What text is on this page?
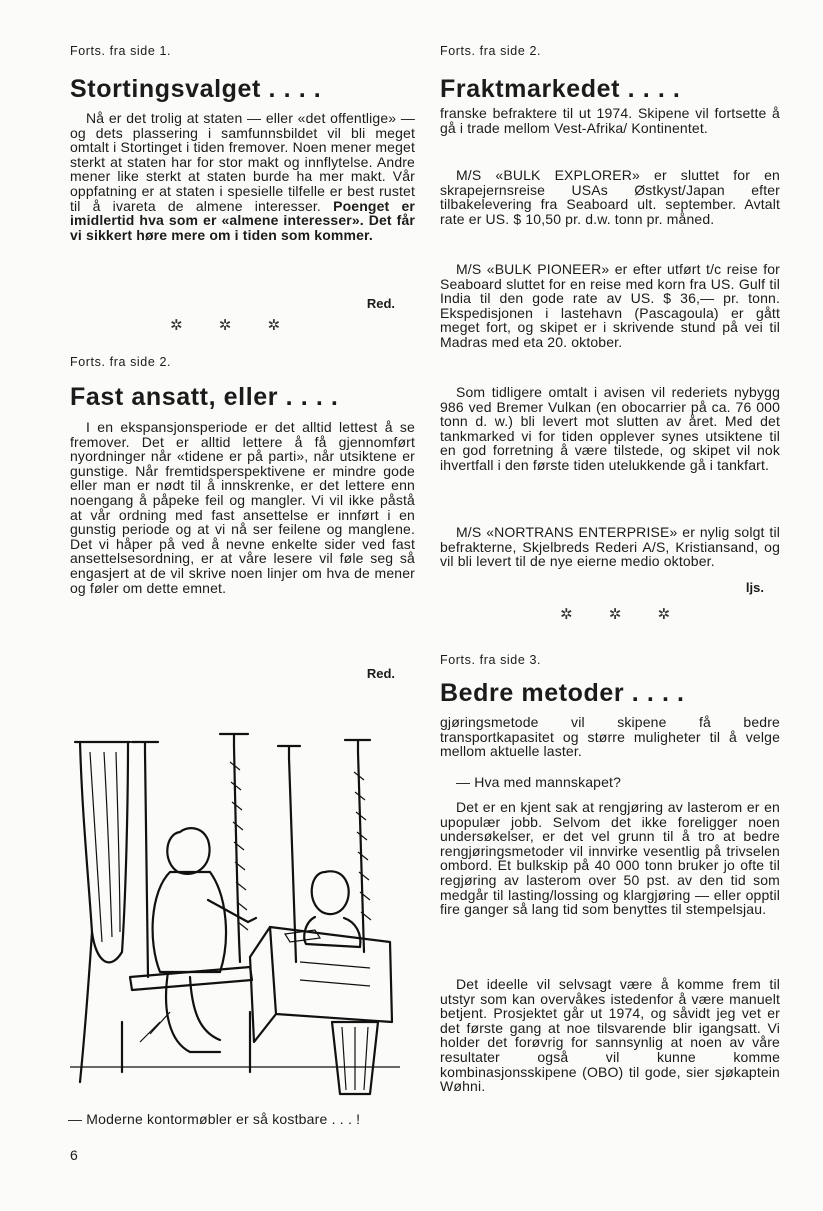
Forts. fra side 1.
Stortingsvalget . . . .

Nå er det trolig at staten — eller «det offentlige» — og dets plassering i samfunnsbildet vil bli meget omtalt i Stortinget i tiden fremover. Noen mener meget sterkt at staten har for stor makt og innflytelse. Andre mener like sterkt at staten burde ha mer makt. Vår oppfatning er at staten i spesielle tilfelle er best rustet til å ivareta de almene interesser. Poenget er imidlertid hva som er «almene interesser». Det får vi sikkert høre mere om i tiden som kommer.

Red.
✲ ✲ ✲
Forts. fra side 2.
Fast ansatt, eller . . . .

I en ekspansjonsperiode er det alltid lettest å se fremover. Det er alltid lettere å få gjennomført nyordninger når «tidene er på parti», når utsiktene er gunstige. Når fremtidsperspektivene er mindre gode eller man er nødt til å innskrenke, er det lettere enn noengang å påpeke feil og mangler. Vi vil ikke påstå at vår ordning med fast ansettelse er innført i en gunstig periode og at vi nå ser feilene og manglene. Det vi håper på ved å nevne enkelte sider ved fast ansettelsesordning, er at våre lesere vil føle seg så engasjert at de vil skrive noen linjer om hva de mener og føler om dette emnet.

Red.
— Moderne kontormøbler er så kostbare . . . !
Forts. fra side 2.
Fraktmarkedet . . . .

franske befraktere til ut 1974. Skipene vil fortsette å gå i trade mellom Vest-Afrika/ Kontinentet.

M/S «BULK EXPLORER» er sluttet for en skrapejernsreise USAs Østkyst/Japan efter tilbakelevering fra Seaboard ult. september. Avtalt rate er US. $ 10,50 pr. d.w. tonn pr. måned.

M/S «BULK PIONEER» er efter utført t/c reise for Seaboard sluttet for en reise med korn fra US. Gulf til India til den gode rate av US. $ 36,— pr. tonn. Ekspedisjonen i lastehavn (Pascagoula) er gått meget fort, og skipet er i skrivende stund på vei til Madras med eta 20. oktober.

Som tidligere omtalt i avisen vil rederiets nybygg 986 ved Bremer Vulkan (en obocarrier på ca. 76 000 tonn d. w.) bli levert mot slutten av året. Med det tankmarked vi for tiden opplever synes utsiktene til en god forretning å være tilstede, og skipet vil nok ihvertfall i den første tiden utelukkende gå i tankfart.

M/S «NORTRANS ENTERPRISE» er nylig solgt til befrakterne, Skjelbreds Rederi A/S, Kristiansand, og vil bli levert til de nye eierne medio oktober.

ljs.
✲ ✲ ✲
Forts. fra side 3.
Bedre metoder . . . .

gjøringsmetode vil skipene få bedre transportkapasitet og større muligheter til å velge mellom aktuelle laster.

— Hva med mannskapet?

Det er en kjent sak at rengjøring av lasterom er en upopulær jobb. Selvom det ikke foreligger noen undersøkelser, er det vel grunn til å tro at bedre rengjøringsmetoder vil innvirke vesentlig på trivselen ombord. Et bulkskip på 40 000 tonn bruker jo ofte til regjøring av lasterom over 50 pst. av den tid som medgår til lasting/lossing og klargjøring — eller opptil fire ganger så lang tid som benyttes til stempelsjau.

Det ideelle vil selvsagt være å komme frem til utstyr som kan overvåkes istedenfor å være manuelt betjent. Prosjektet går ut 1974, og såvidt jeg vet er det første gang at noe tilsvarende blir igangsatt. Vi holder det forøvrig for sannsynlig at noen av våre resultater også vil kunne komme kombinasjonsskipene (OBO) til gode, sier sjøkaptein Wøhni.

6
